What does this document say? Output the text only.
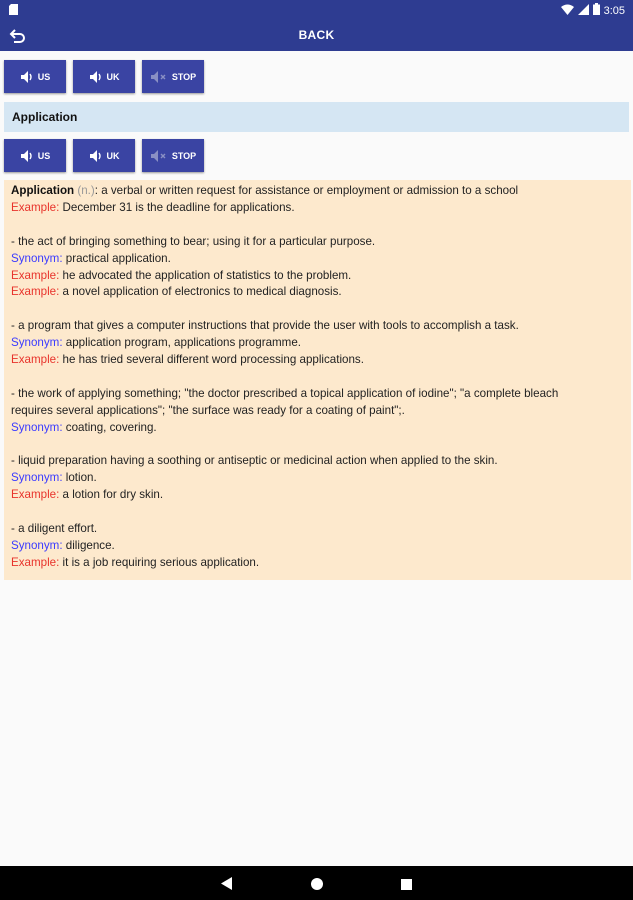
3:05
BACK
US	UK	STOP
Application
US	UK	STOP
Application (n.): a verbal or written request for assistance or employment or admission to a school
Example: December 31 is the deadline for applications.
- the act of bringing something to bear; using it for a particular purpose.
Synonym: practical application.
Example: he advocated the application of statistics to the problem.
Example: a novel application of electronics to medical diagnosis.
- a program that gives a computer instructions that provide the user with tools to accomplish a task.
Synonym: application program, applications programme.
Example: he has tried several different word processing applications.
- the work of applying something; "the doctor prescribed a topical application of iodine"; "a complete bleach
requires several applications"; "the surface was ready for a coating of paint";.
Synonym: coating, covering.
- liquid preparation having a soothing or antiseptic or medicinal action when applied to the skin.
Synonym: lotion.
Example: a lotion for dry skin.
- a diligent effort.
Synonym: diligence.
Example: it is a job requiring serious application.
